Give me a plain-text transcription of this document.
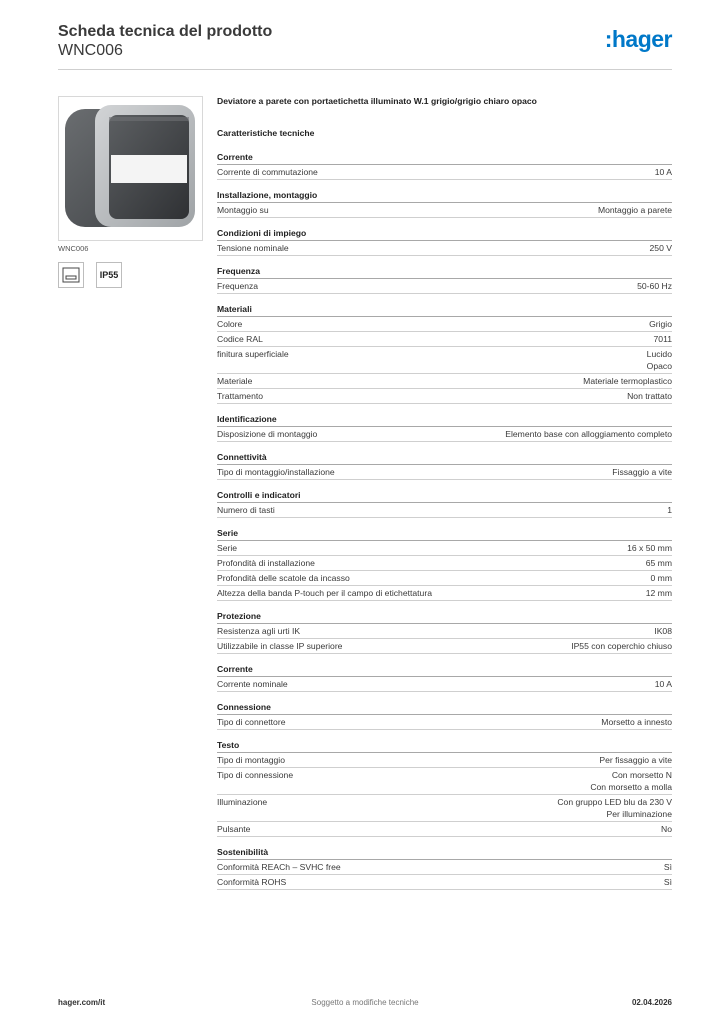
Scheda tecnica del prodotto
WNC006	:hager
WNC006
IP55
Deviatore a parete con portaetichetta illuminato W.1 grigio/grigio chiaro opaco
Caratteristiche tecniche
Corrente
Corrente di commutazione	10 A
Installazione, montaggio
Montaggio su	Montaggio a parete
Condizioni di impiego
Tensione nominale	250 V
Frequenza
Frequenza	50-60 Hz
Materiali
Colore	Grigio
Codice RAL	7011
finitura superficiale	Lucido
Opaco
Materiale	Materiale termoplastico
Trattamento	Non trattato
Identificazione
Disposizione di montaggio	Elemento base con alloggiamento completo
Connettività
Tipo di montaggio/installazione	Fissaggio a vite
Controlli e indicatori
Numero di tasti	1
Serie
Serie	16 x 50 mm
Profondità di installazione	65 mm
Profondità delle scatole da incasso	0 mm
Altezza della banda P-touch per il campo di etichettatura	12 mm
Protezione
Resistenza agli urti IK	IK08
Utilizzabile in classe IP superiore	IP55 con coperchio chiuso
Corrente
Corrente nominale	10 A
Connessione
Tipo di connettore	Morsetto a innesto
Testo
Tipo di montaggio	Per fissaggio a vite
Tipo di connessione	Con morsetto N
Con morsetto a molla
Illuminazione	Con gruppo LED blu da 230 V
Per illuminazione
Pulsante	No
Sostenibilità
Conformità REACh – SVHC free	Sì
Conformità ROHS	Sì
hager.com/it	Soggetto a modifiche tecniche	02.04.2026
